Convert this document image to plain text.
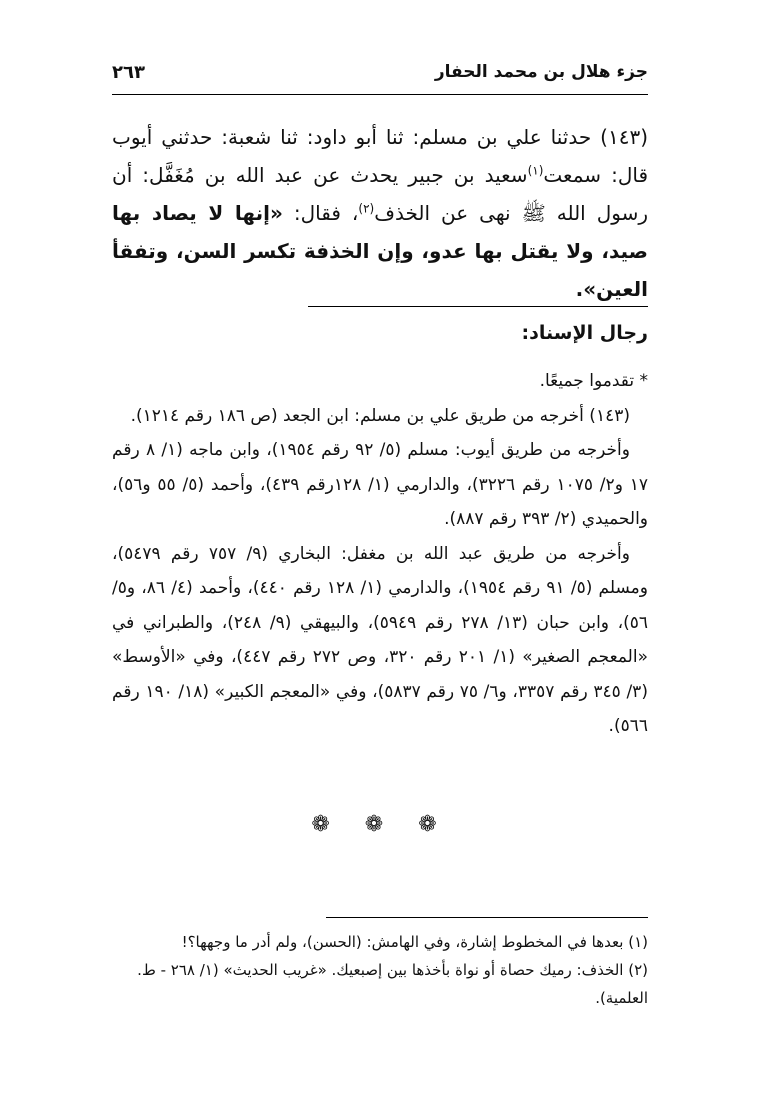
جزء هلال بن محمد الحفار
٢٦٣
(١٤٣) حدثنا علي بن مسلم: ثنا أبو داود: ثنا شعبة: حدثني أيوب قال: سمعت$^{(١)}$سعيد بن جبير يحدث عن عبد الله بن مُغَفَّل: أن رسول الله ﷺ نهى عن الخذف$^{(٢)}$، فقال: «إنها لا يصاد بها صيد، ولا يقتل بها عدو، وإن الخذفة تكسر السن، وتفقأ العين».
رجال الإسناد:

* تقدموا جميعًا.

(١٤٣) أخرجه من طريق علي بن مسلم: ابن الجعد (ص ١٨٦ رقم ١٢١٤).

وأخرجه من طريق أيوب: مسلم (٥/ ٩٢ رقم ١٩٥٤)، وابن ماجه (١/ ٨ رقم ١٧ و٢/ ١٠٧٥ رقم ٣٢٢٦)، والدارمي (١/ ١٢٨رقم ٤٣٩)، وأحمد (٥/ ٥٥ و٥٦)، والحميدي (٢/ ٣٩٣ رقم ٨٨٧).

وأخرجه من طريق عبد الله بن مغفل: البخاري (٩/ ٧٥٧ رقم ٥٤٧٩)، ومسلم (٥/ ٩١ رقم ١٩٥٤)، والدارمي (١/ ١٢٨ رقم ٤٤٠)، وأحمد (٤/ ٨٦، و٥/ ٥٦)، وابن حبان (١٣/ ٢٧٨ رقم ٥٩٤٩)، والبيهقي (٩/ ٢٤٨)، والطبراني في «المعجم الصغير» (١/ ٢٠١ رقم ٣٢٠، وص ٢٧٢ رقم ٤٤٧)، وفي «الأوسط» (٣/ ٣٤٥ رقم ٣٣٥٧، و٦/ ٧٥ رقم ٥٨٣٧)، وفي «المعجم الكبير» (١٨/ ١٩٠ رقم ٥٦٦).

❁ ❁ ❁

(١) بعدها في المخطوط إشارة، وفي الهامش: (الحسن)، ولم أدر ما وجهها؟!

(٢) الخذف: رميك حصاة أو نواة بأخذها بين إصبعيك. «غريب الحديث» (١/ ٢٦٨ - ط. العلمية).
